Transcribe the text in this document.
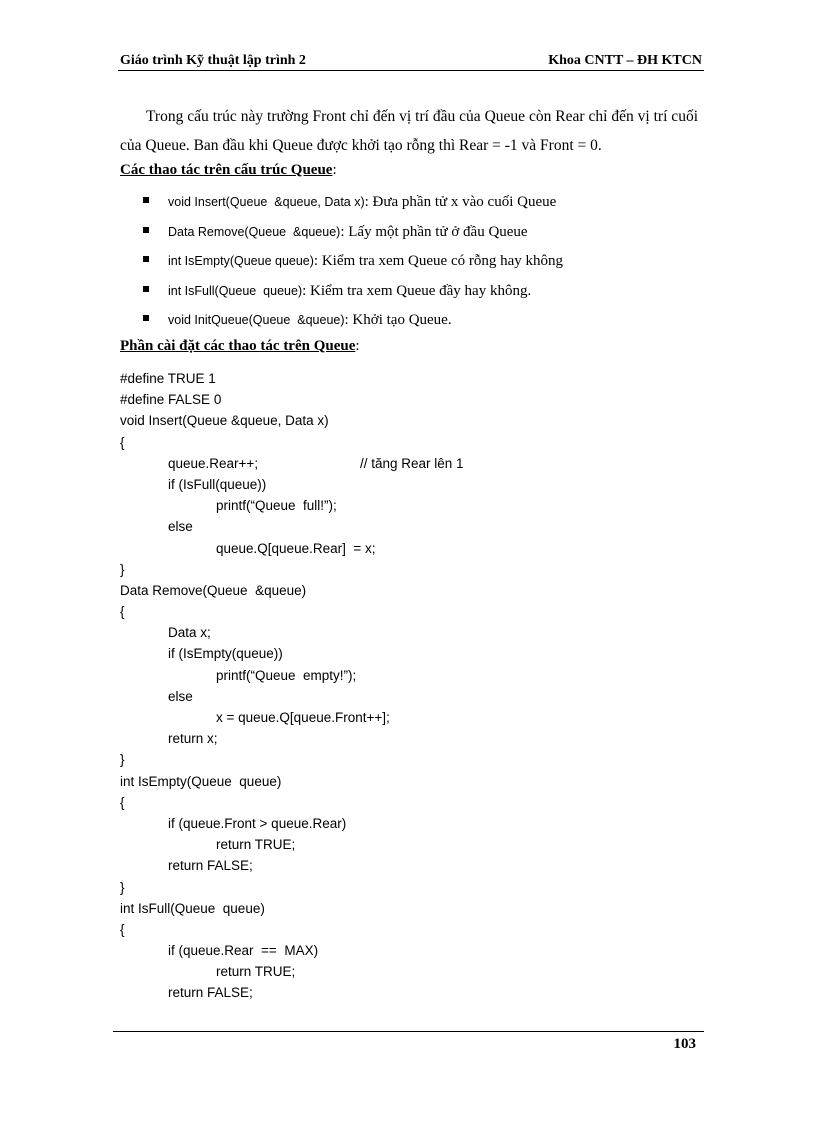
Giáo trình Kỹ thuật lập trình 2	Khoa CNTT – ĐH KTCN
Trong cấu trúc này trường Front chỉ đến vị trí đầu của Queue còn Rear chỉ đến vị trí cuối của Queue. Ban đầu khi Queue được khởi tạo rỗng thì Rear = -1 và Front = 0.
Các thao tác trên cấu trúc Queue:
void Insert(Queue  &queue, Data x): Đưa phần tử x vào cuối Queue
Data Remove(Queue  &queue): Lấy một phần tử ở đầu Queue
int IsEmpty(Queue queue): Kiểm tra xem Queue có rỗng hay không
int IsFull(Queue  queue): Kiểm tra xem Queue đầy hay không.
void InitQueue(Queue  &queue): Khởi tạo Queue.
Phần cài đặt các thao tác trên Queue:
#define TRUE 1
#define FALSE 0
void Insert(Queue &queue, Data x)
{
queue.Rear++;	// tăng Rear lên 1
if (IsFull(queue))
printf(“Queue  full!”);
else
queue.Q[queue.Rear]  = x;
}
Data Remove(Queue  &queue)
{
Data x;
if (IsEmpty(queue))
printf(“Queue  empty!”);
else
x = queue.Q[queue.Front++];
return x;
}
int IsEmpty(Queue  queue)
{
if (queue.Front > queue.Rear)
return TRUE;
return FALSE;
}
int IsFull(Queue  queue)
{
if (queue.Rear  ==  MAX)
return TRUE;
return FALSE;
103
